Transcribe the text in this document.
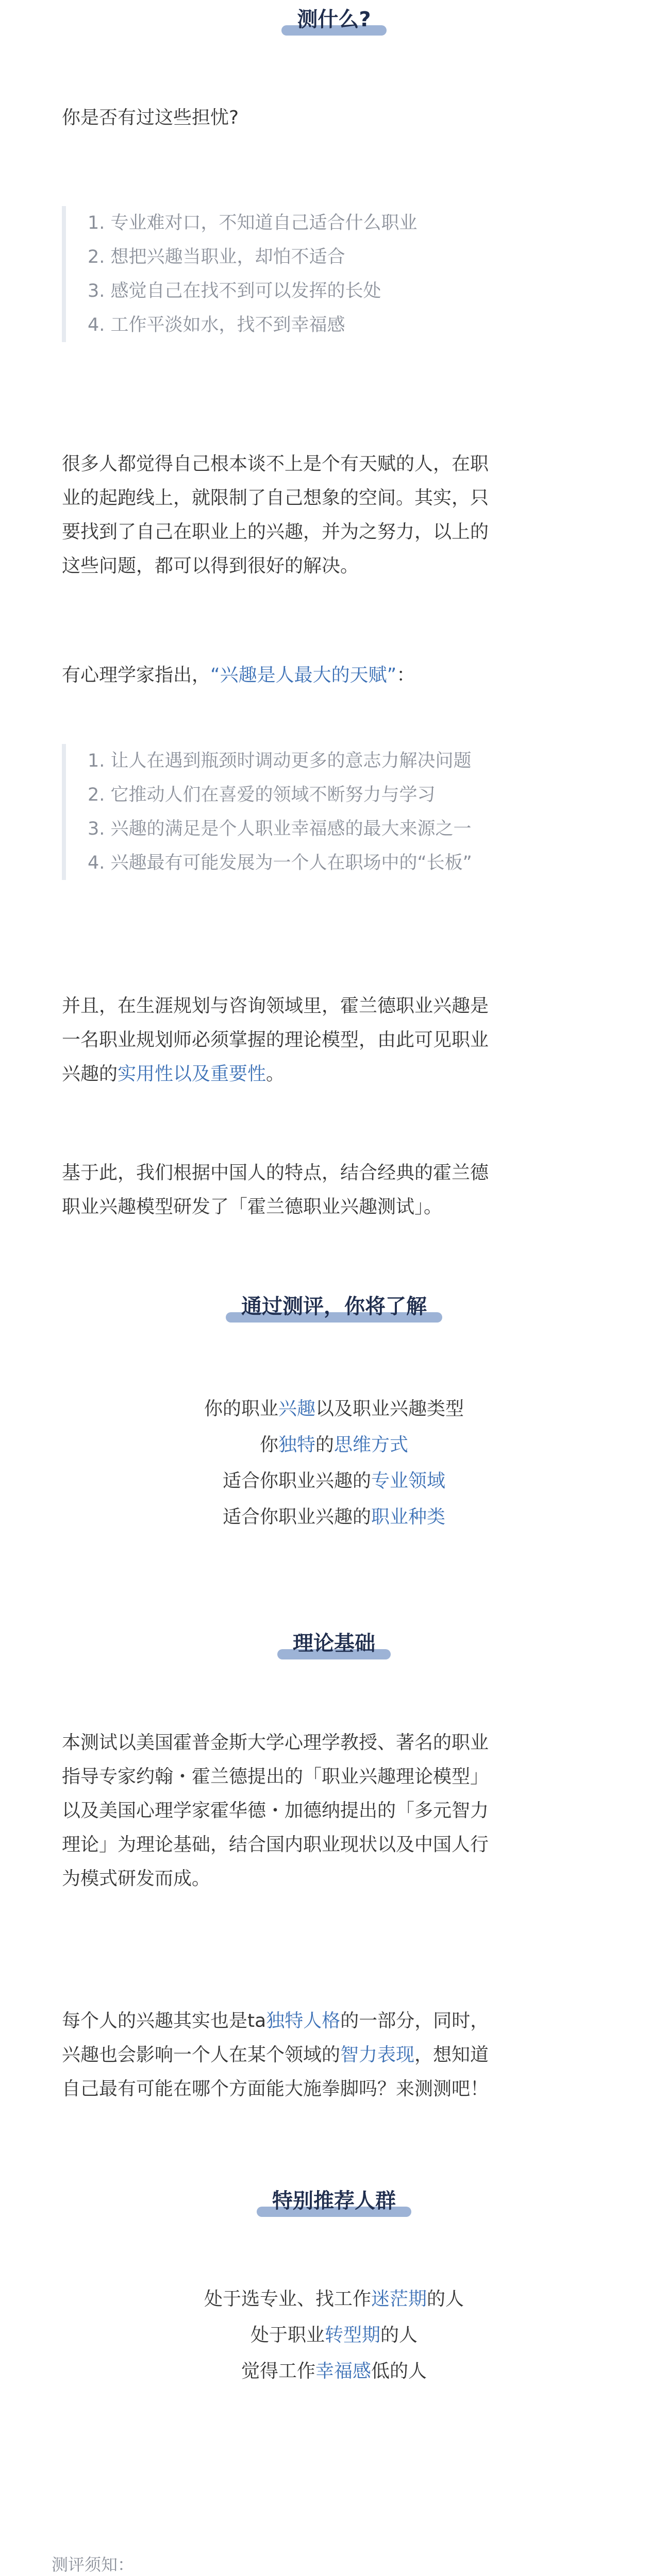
测什么?
你是否有过这些担忧?
1. 专业难对口，不知道自己适合什么职业
2. 想把兴趣当职业，却怕不适合
3. 感觉自己在找不到可以发挥的长处
4. 工作平淡如水，找不到幸福感
很多人都觉得自己根本谈不上是个有天赋的人，在职
业的起跑线上，就限制了自己想象的空间。其实，只
要找到了自己在职业上的兴趣，并为之努力，以上的
这些问题，都可以得到很好的解决。
有心理学家指出，“兴趣是人最大的天赋”：
1. 让人在遇到瓶颈时调动更多的意志力解决问题
2. 它推动人们在喜爱的领域不断努力与学习
3. 兴趣的满足是个人职业幸福感的最大来源之一
4. 兴趣最有可能发展为一个人在职场中的“长板”
并且，在生涯规划与咨询领域里，霍兰德职业兴趣是
一名职业规划师必须掌握的理论模型，由此可见职业
兴趣的实用性以及重要性。
基于此，我们根据中国人的特点，结合经典的霍兰德
职业兴趣模型研发了「霍兰德职业兴趣测试」。
通过测评，你将了解
你的职业兴趣以及职业兴趣类型
你独特的思维方式
适合你职业兴趣的专业领域
适合你职业兴趣的职业种类
理论基础
本测试以美国霍普金斯大学心理学教授、著名的职业
指导专家约翰・霍兰德提出的「职业兴趣理论模型」
以及美国心理学家霍华德・加德纳提出的「多元智力
理论」为理论基础，结合国内职业现状以及中国人行
为模式研发而成。
每个人的兴趣其实也是ta独特人格的一部分，同时，
兴趣也会影响一个人在某个领域的智力表现，想知道
自己最有可能在哪个方面能大施拳脚吗？来测测吧！
特别推荐人群
处于选专业、找工作迷茫期的人
处于职业转型期的人
觉得工作幸福感低的人
测评须知：
